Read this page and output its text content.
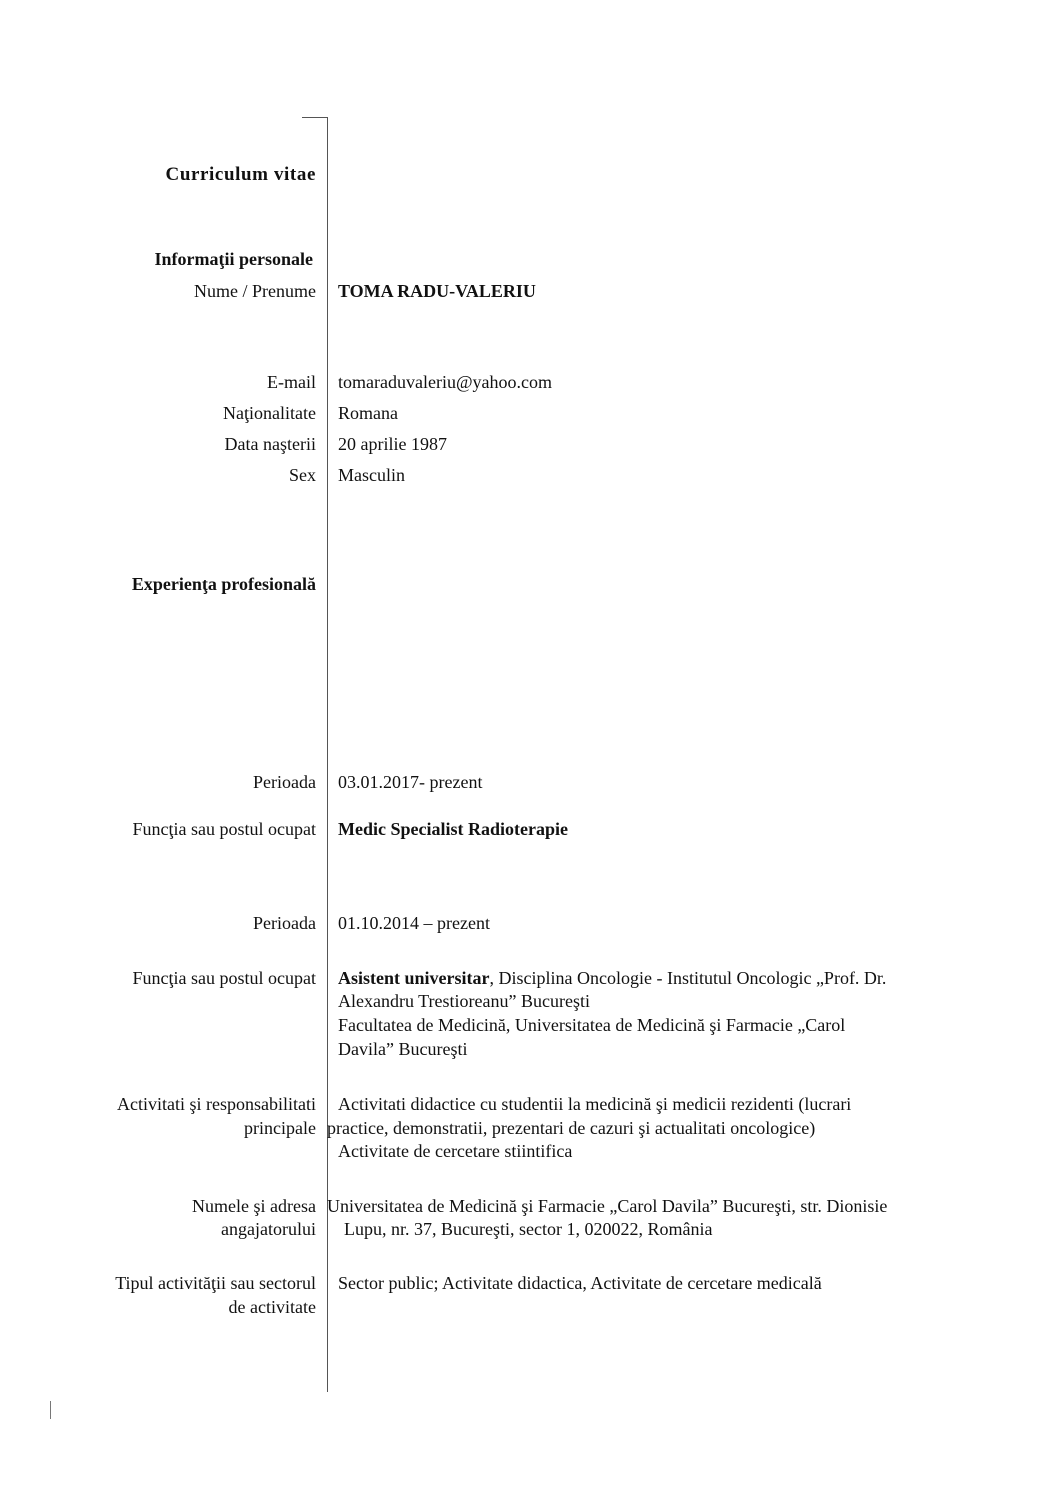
Curriculum vitae
Informaţii personale
Nume / Prenume TOMA RADU-VALERIU
E-mail tomaraduvaleriu@yahoo.com
Naţionalitate Romana
Data naşterii 20 aprilie 1987
Sex Masculin
Experienţa profesională
Perioada 03.01.2017- prezent
Funcţia sau postul ocupat Medic Specialist Radioterapie
Perioada 01.10.2014 – prezent
Funcţia sau postul ocupat Asistent universitar, Disciplina Oncologie - Institutul Oncologic „Prof. Dr.
Alexandru Trestioreanu” Bucureşti
Facultatea de Medicină, Universitatea de Medicină şi Farmacie „Carol
Davila” Bucureşti
Activitati şi responsabilitati
principale
Activitati didactice cu studentii la medicină şi medicii rezidenti (lucrari
practice, demonstratii, prezentari de cazuri şi actualitati oncologice)
Activitate de cercetare stiintifica
Numele şi adresa
angajatorului
Universitatea de Medicină şi Farmacie „Carol Davila” Bucureşti, str. Dionisie
Lupu, nr. 37, Bucureşti, sector 1, 020022, România
Tipul activităţii sau sectorul
de activitate
Sector public; Activitate didactica, Activitate de cercetare medicală
